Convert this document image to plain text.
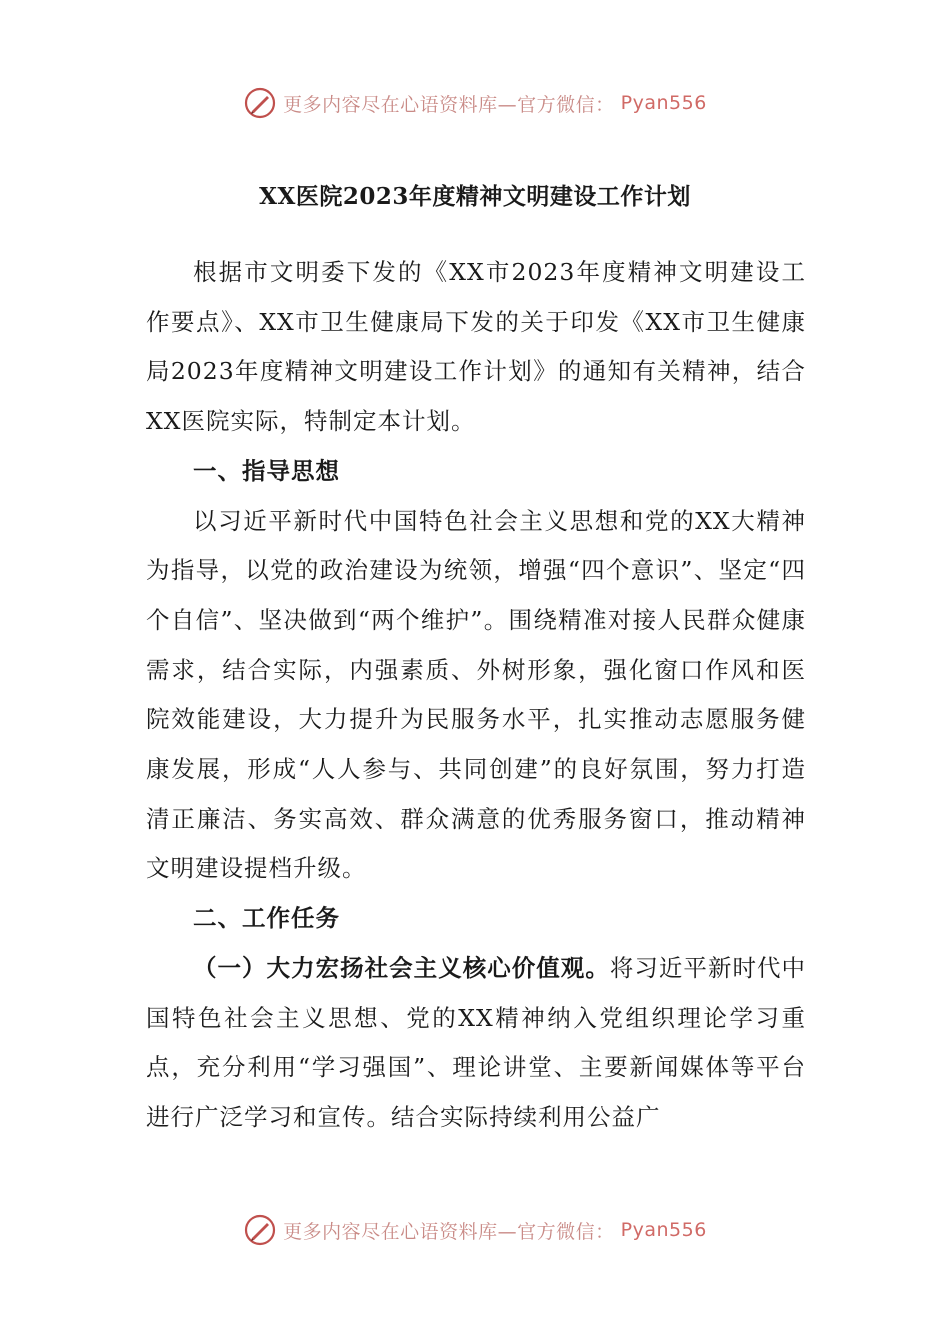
更多内容尽在心语资料库—官方微信： Pyan556
XX医院2023年度精神文明建设工作计划

根据市文明委下发的《XX市2023年度精神文明建设工作要点》、XX市卫生健康局下发的关于印发《XX市卫生健康局2023年度精神文明建设工作计划》的通知有关精神，结合XX医院实际，特制定本计划。

一、指导思想

以习近平新时代中国特色社会主义思想和党的XX大精神为指导，以党的政治建设为统领，增强“四个意识”、坚定“四个自信”、坚决做到“两个维护”。围绕精准对接人民群众健康需求，结合实际，内强素质、外树形象，强化窗口作风和医院效能建设，大力提升为民服务水平，扎实推动志愿服务健康发展，形成“人人参与、共同创建”的良好氛围，努力打造清正廉洁、务实高效、群众满意的优秀服务窗口，推动精神文明建设提档升级。

二、工作任务

（一）大力宏扬社会主义核心价值观。将习近平新时代中国特色社会主义思想、党的XX精神纳入党组织理论学习重点，充分利用“学习强国”、理论讲堂、主要新闻媒体等平台进行广泛学习和宣传。结合实际持续利用公益广

更多内容尽在心语资料库—官方微信： Pyan556
